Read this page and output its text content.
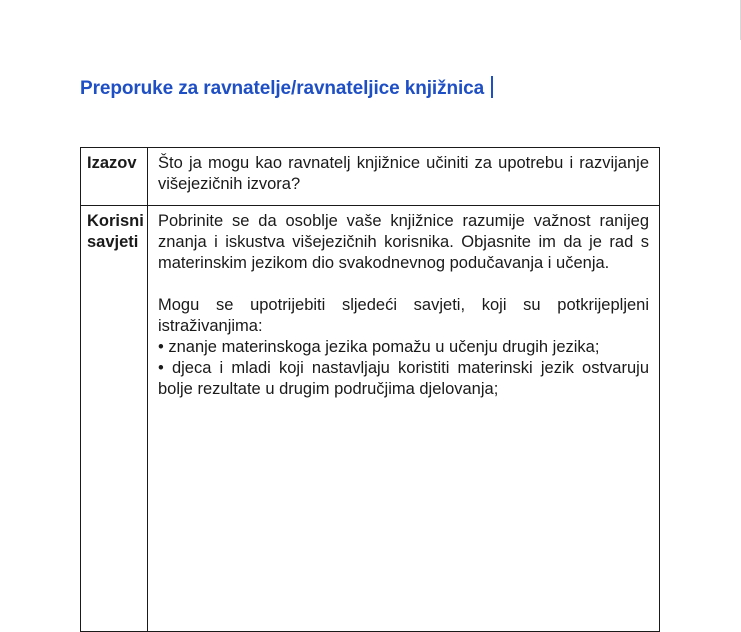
Preporuke za ravnatelje/ravnateljice knjižnica
Izazov	Što ja mogu kao ravnatelj knjižnice učiniti za upotrebu i razvijanje višejezičnih izvora?
Korisni savjeti	Pobrinite se da osoblje vaše knjižnice razumije važnost ranijeg znanja i iskustva višejezičnih korisnika. Objasnite im da je rad s materinskim jezikom dio svakodnevnog podučavanja i učenja.

Mogu se upotrijebiti sljedeći savjeti, koji su potkrijepljeni istraživanjima:

• znanje materinskoga jezika pomažu u učenju drugih jezika;

• djeca i mladi koji nastavljaju koristiti materinski jezik ostvaruju bolje rezultate u drugim područjima djelovanja;
